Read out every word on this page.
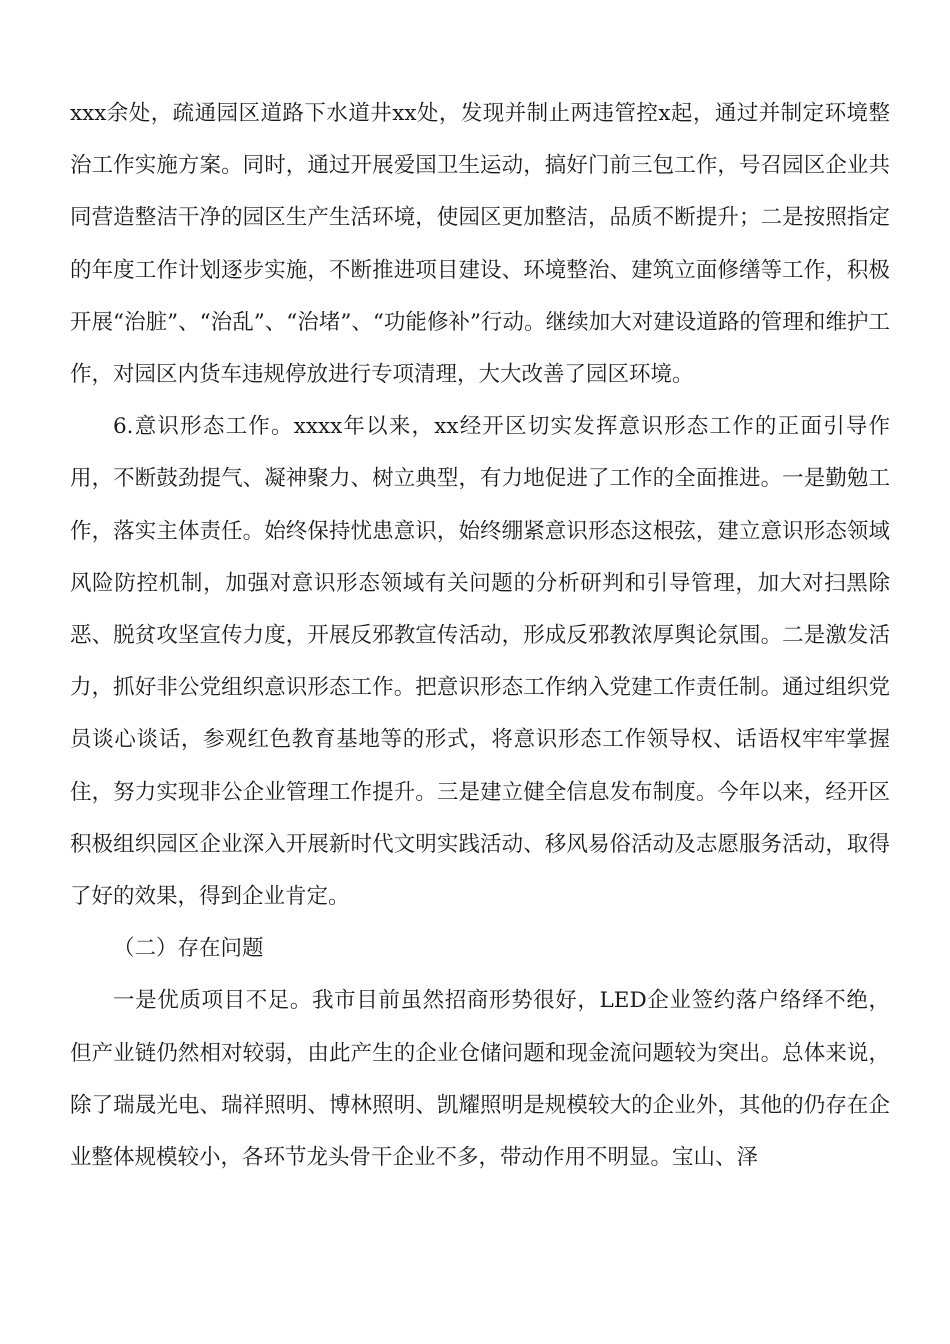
xxx余处，疏通园区道路下水道井xx处，发现并制止两违管控x起，通过并制定环境整治工作实施方案。同时，通过开展爱国卫生运动，搞好门前三包工作，号召园区企业共同营造整洁干净的园区生产生活环境，使园区更加整洁，品质不断提升；二是按照指定的年度工作计划逐步实施，不断推进项目建设、环境整治、建筑立面修缮等工作，积极开展“治脏”、“治乱”、“治堵”、“功能修补”行动。继续加大对建设道路的管理和维护工作，对园区内货车违规停放进行专项清理，大大改善了园区环境。

6.意识形态工作。xxxx年以来，xx经开区切实发挥意识形态工作的正面引导作用，不断鼓劲提气、凝神聚力、树立典型，有力地促进了工作的全面推进。一是勤勉工作，落实主体责任。始终保持忧患意识，始终绷紧意识形态这根弦，建立意识形态领域风险防控机制，加强对意识形态领域有关问题的分析研判和引导管理，加大对扫黑除恶、脱贫攻坚宣传力度，开展反邪教宣传活动，形成反邪教浓厚舆论氛围。二是激发活力，抓好非公党组织意识形态工作。把意识形态工作纳入党建工作责任制。通过组织党员谈心谈话，参观红色教育基地等的形式，将意识形态工作领导权、话语权牢牢掌握住，努力实现非公企业管理工作提升。三是建立健全信息发布制度。今年以来，经开区积极组织园区企业深入开展新时代文明实践活动、移风易俗活动及志愿服务活动，取得了好的效果，得到企业肯定。

（二）存在问题

一是优质项目不足。我市目前虽然招商形势很好，LED企业签约落户络绎不绝，但产业链仍然相对较弱，由此产生的企业仓储问题和现金流问题较为突出。总体来说，除了瑞晟光电、瑞祥照明、博林照明、凯耀照明是规模较大的企业外，其他的仍存在企业整体规模较小，各环节龙头骨干企业不多，带动作用不明显。宝山、泽
